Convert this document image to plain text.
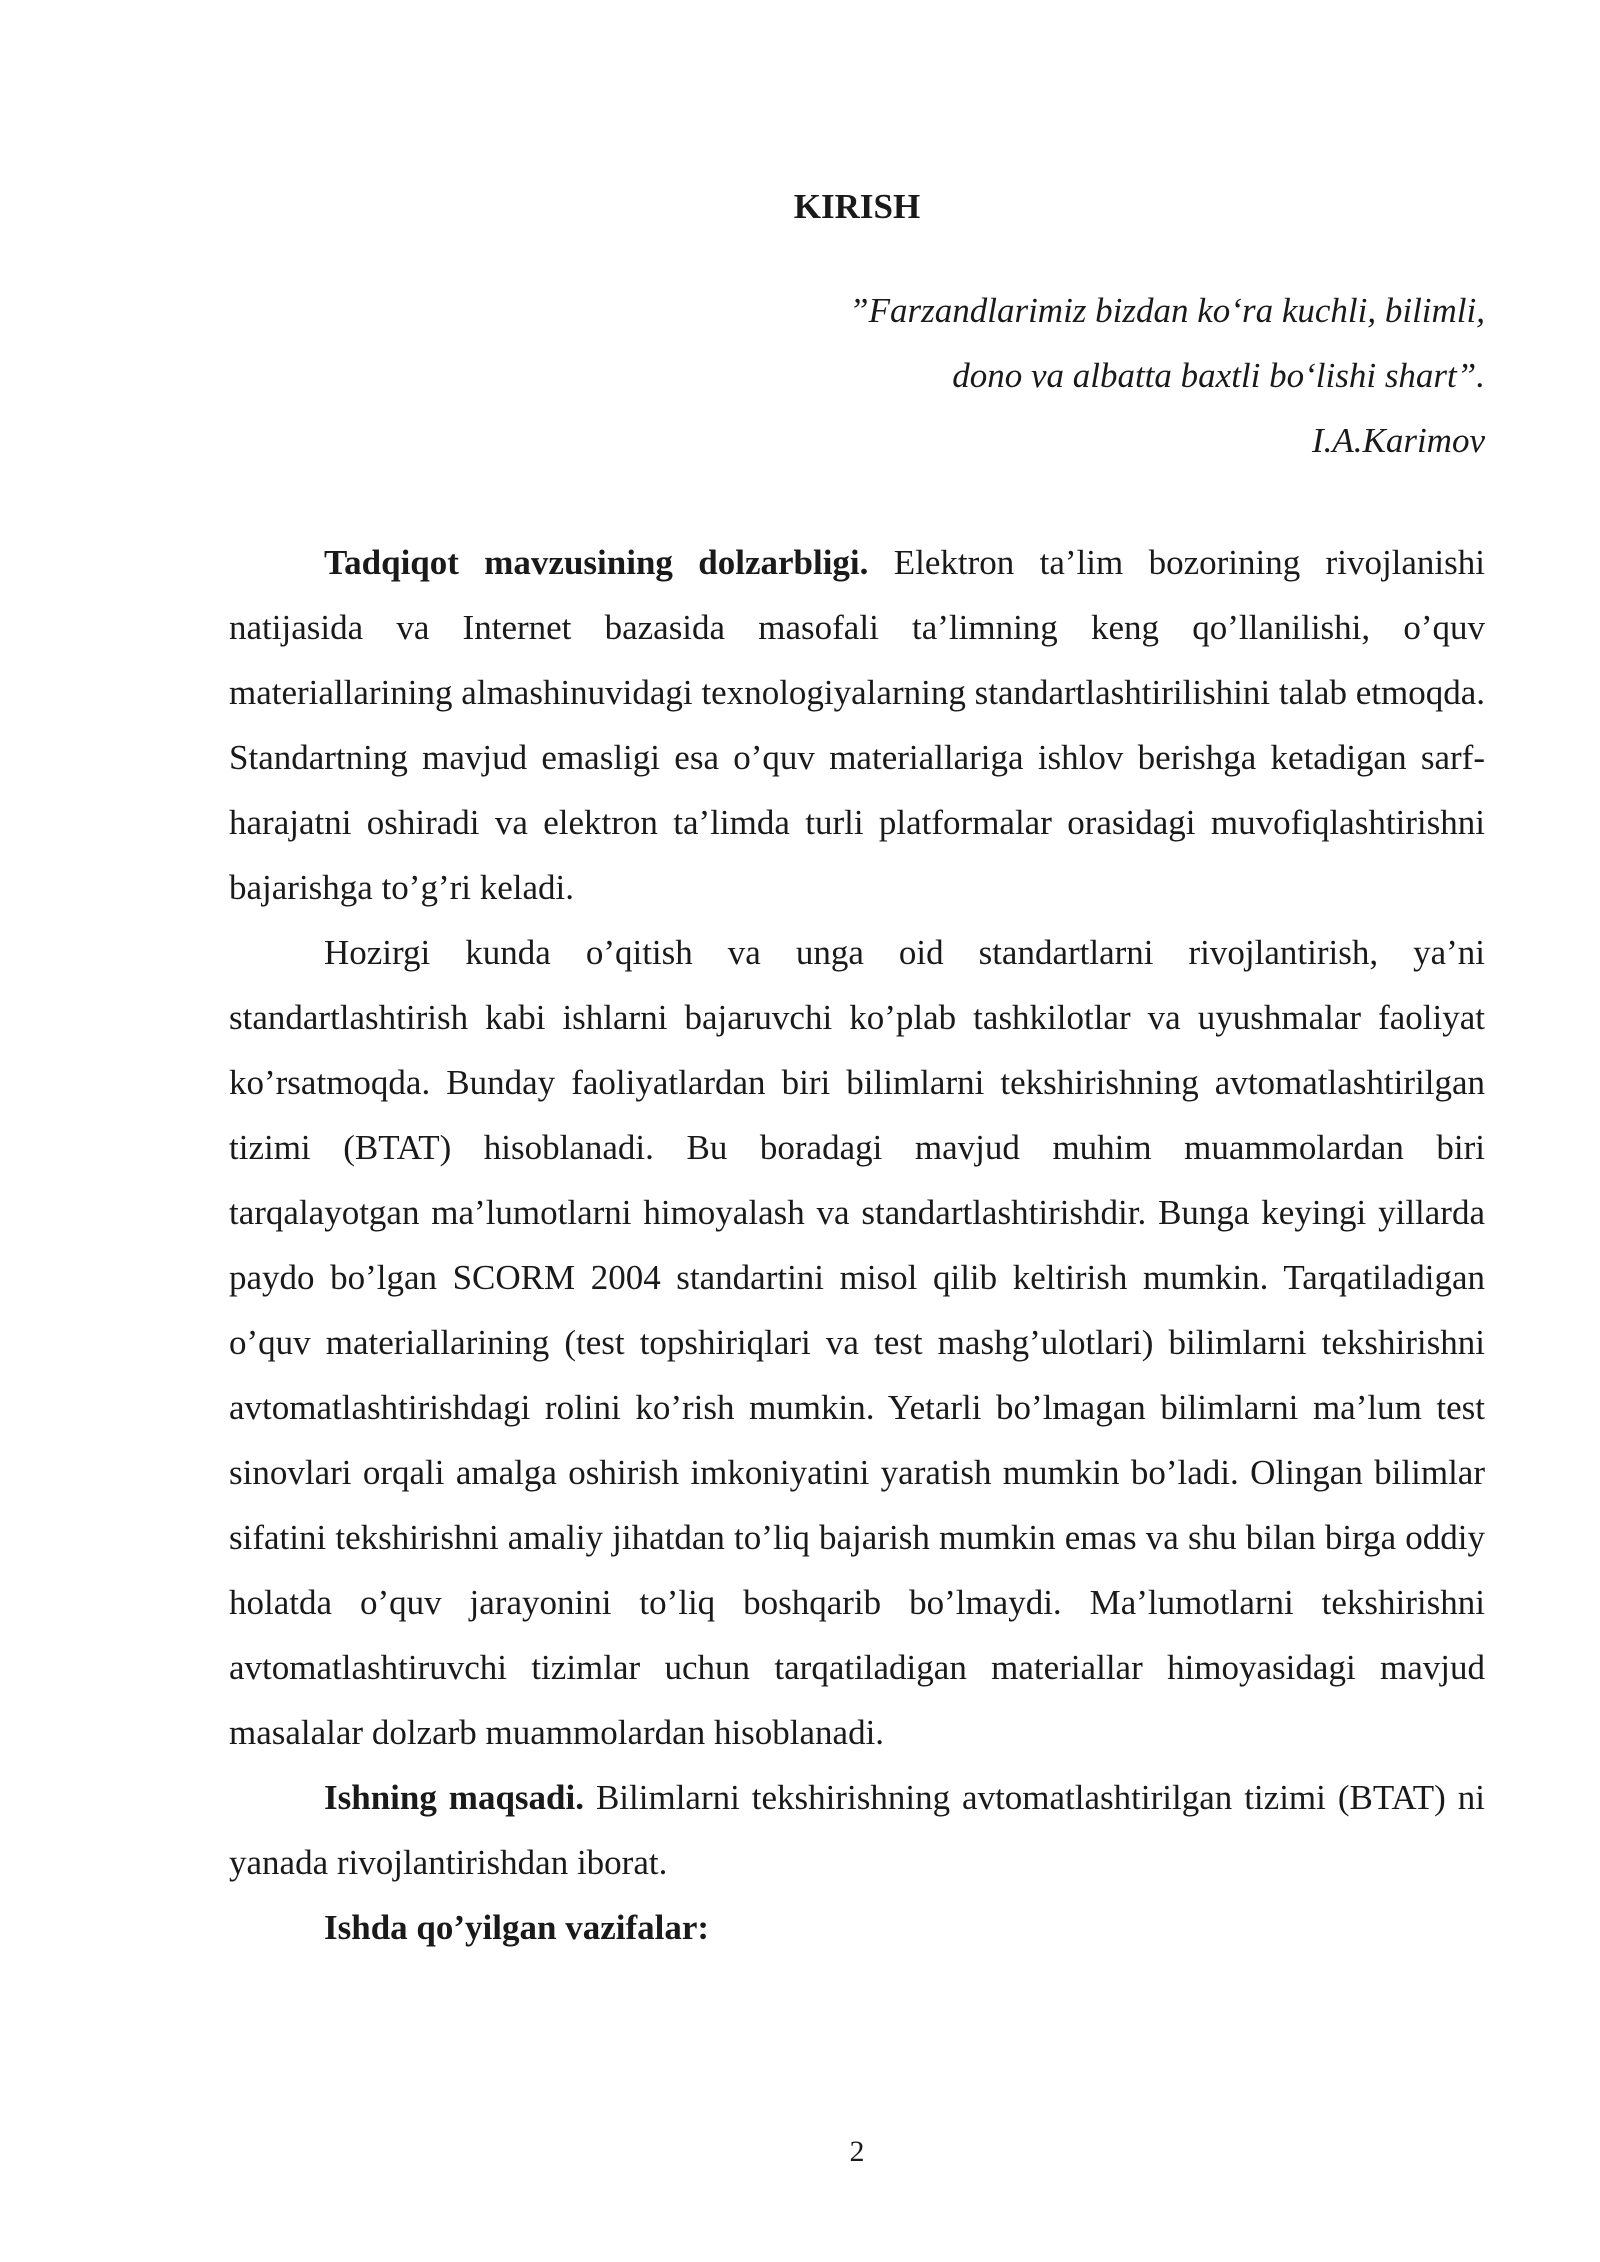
KIRISH
”Farzandlarimiz bizdan koʻra kuchli, bilimli,
dono va albatta baxtli boʻlishi shart”.
I.A.Karimov

Tadqiqot mavzusining dolzarbligi. Elektron ta’lim bozorining rivojlanishi natijasida va Internet bazasida masofali ta’limning keng qo’llanilishi, o’quv materiallarining almashinuvidagi texnologiyalarning standartlashtirilishini talab etmoqda. Standartning mavjud emasligi esa o’quv materiallariga ishlov berishga ketadigan sarf-harajatni oshiradi va elektron ta’limda turli platformalar orasidagi muvofiqlashtirishni bajarishga to’g’ri keladi.

Hozirgi kunda o’qitish va unga oid standartlarni rivojlantirish, ya’ni standartlashtirish kabi ishlarni bajaruvchi ko’plab tashkilotlar va uyushmalar faoliyat ko’rsatmoqda. Bunday faoliyatlardan biri bilimlarni tekshirishning avtomatlashtirilgan tizimi (BTAT) hisoblanadi. Bu boradagi mavjud muhim muammolardan biri tarqalayotgan ma’lumotlarni himoyalash va standartlashtirishdir. Bunga keyingi yillarda paydo bo’lgan SCORM 2004 standartini misol qilib keltirish mumkin. Tarqatiladigan o’quv materiallarining (test topshiriqlari va test mashg’ulotlari) bilimlarni tekshirishni avtomatlashtirishdagi rolini ko’rish mumkin. Yetarli bo’lmagan bilimlarni ma’lum test sinovlari orqali amalga oshirish imkoniyatini yaratish mumkin bo’ladi. Olingan bilimlar sifatini tekshirishni amaliy jihatdan to’liq bajarish mumkin emas va shu bilan birga oddiy holatda o’quv jarayonini to’liq boshqarib bo’lmaydi. Ma’lumotlarni tekshirishni avtomatlashtiruvchi tizimlar uchun tarqatiladigan materiallar himoyasidagi mavjud masalalar dolzarb muammolardan hisoblanadi.

Ishning maqsadi. Bilimlarni tekshirishning avtomatlashtirilgan tizimi (BTAT) ni yanada rivojlantirishdan iborat.

Ishda qo’yilgan vazifalar:

2
